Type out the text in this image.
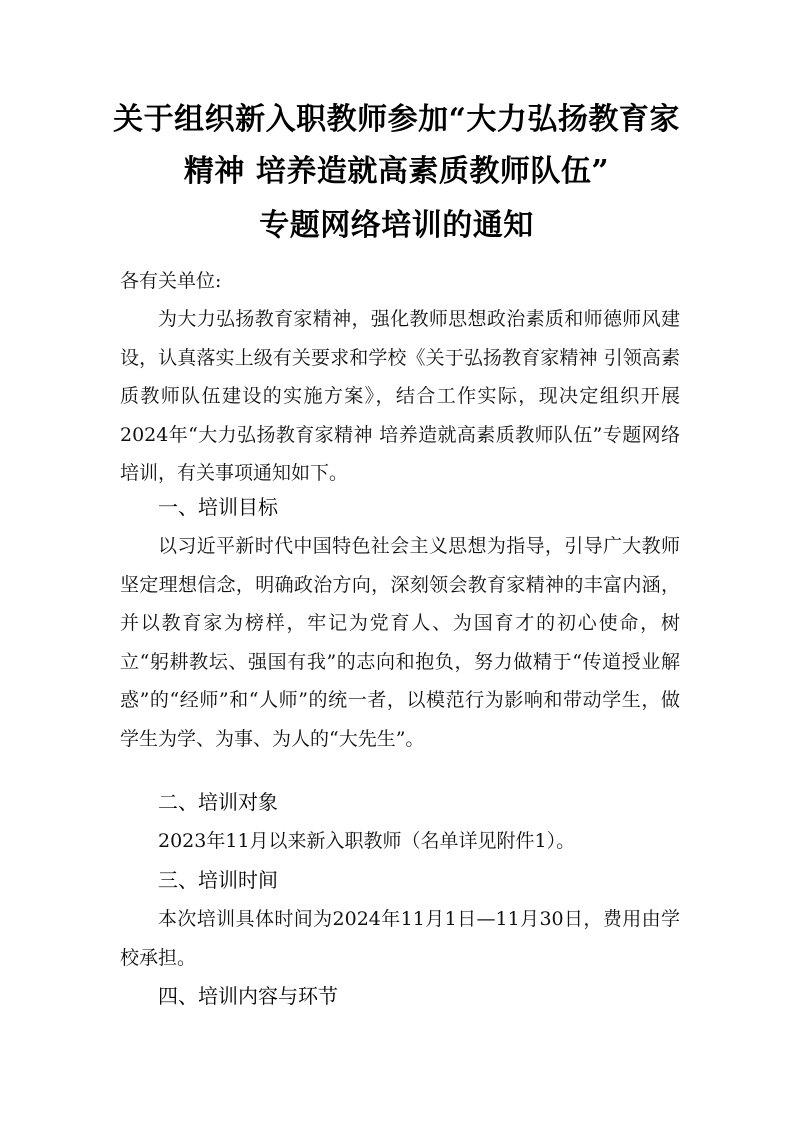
关于组织新入职教师参加“大力弘扬教育家
精神 培养造就高素质教师队伍”
专题网络培训的通知
各有关单位:
为大力弘扬教育家精神，强化教师思想政治素质和师德师风建设，认真落实上级有关要求和学校《关于弘扬教育家精神 引领高素质教师队伍建设的实施方案》，结合工作实际，现决定组织开展2024年“大力弘扬教育家精神 培养造就高素质教师队伍”专题网络培训，有关事项通知如下。
一、培训目标
以习近平新时代中国特色社会主义思想为指导，引导广大教师坚定理想信念，明确政治方向，深刻领会教育家精神的丰富内涵，并以教育家为榜样，牢记为党育人、为国育才的初心使命，树立“躬耕教坛、强国有我”的志向和抱负，努力做精于“传道授业解惑”的“经师”和“人师”的统一者，以模范行为影响和带动学生，做学生为学、为事、为人的“大先生”。
二、培训对象
2023年11月以来新入职教师（名单详见附件1）。
三、培训时间
本次培训具体时间为2024年11月1日—11月30日，费用由学校承担。
四、培训内容与环节
